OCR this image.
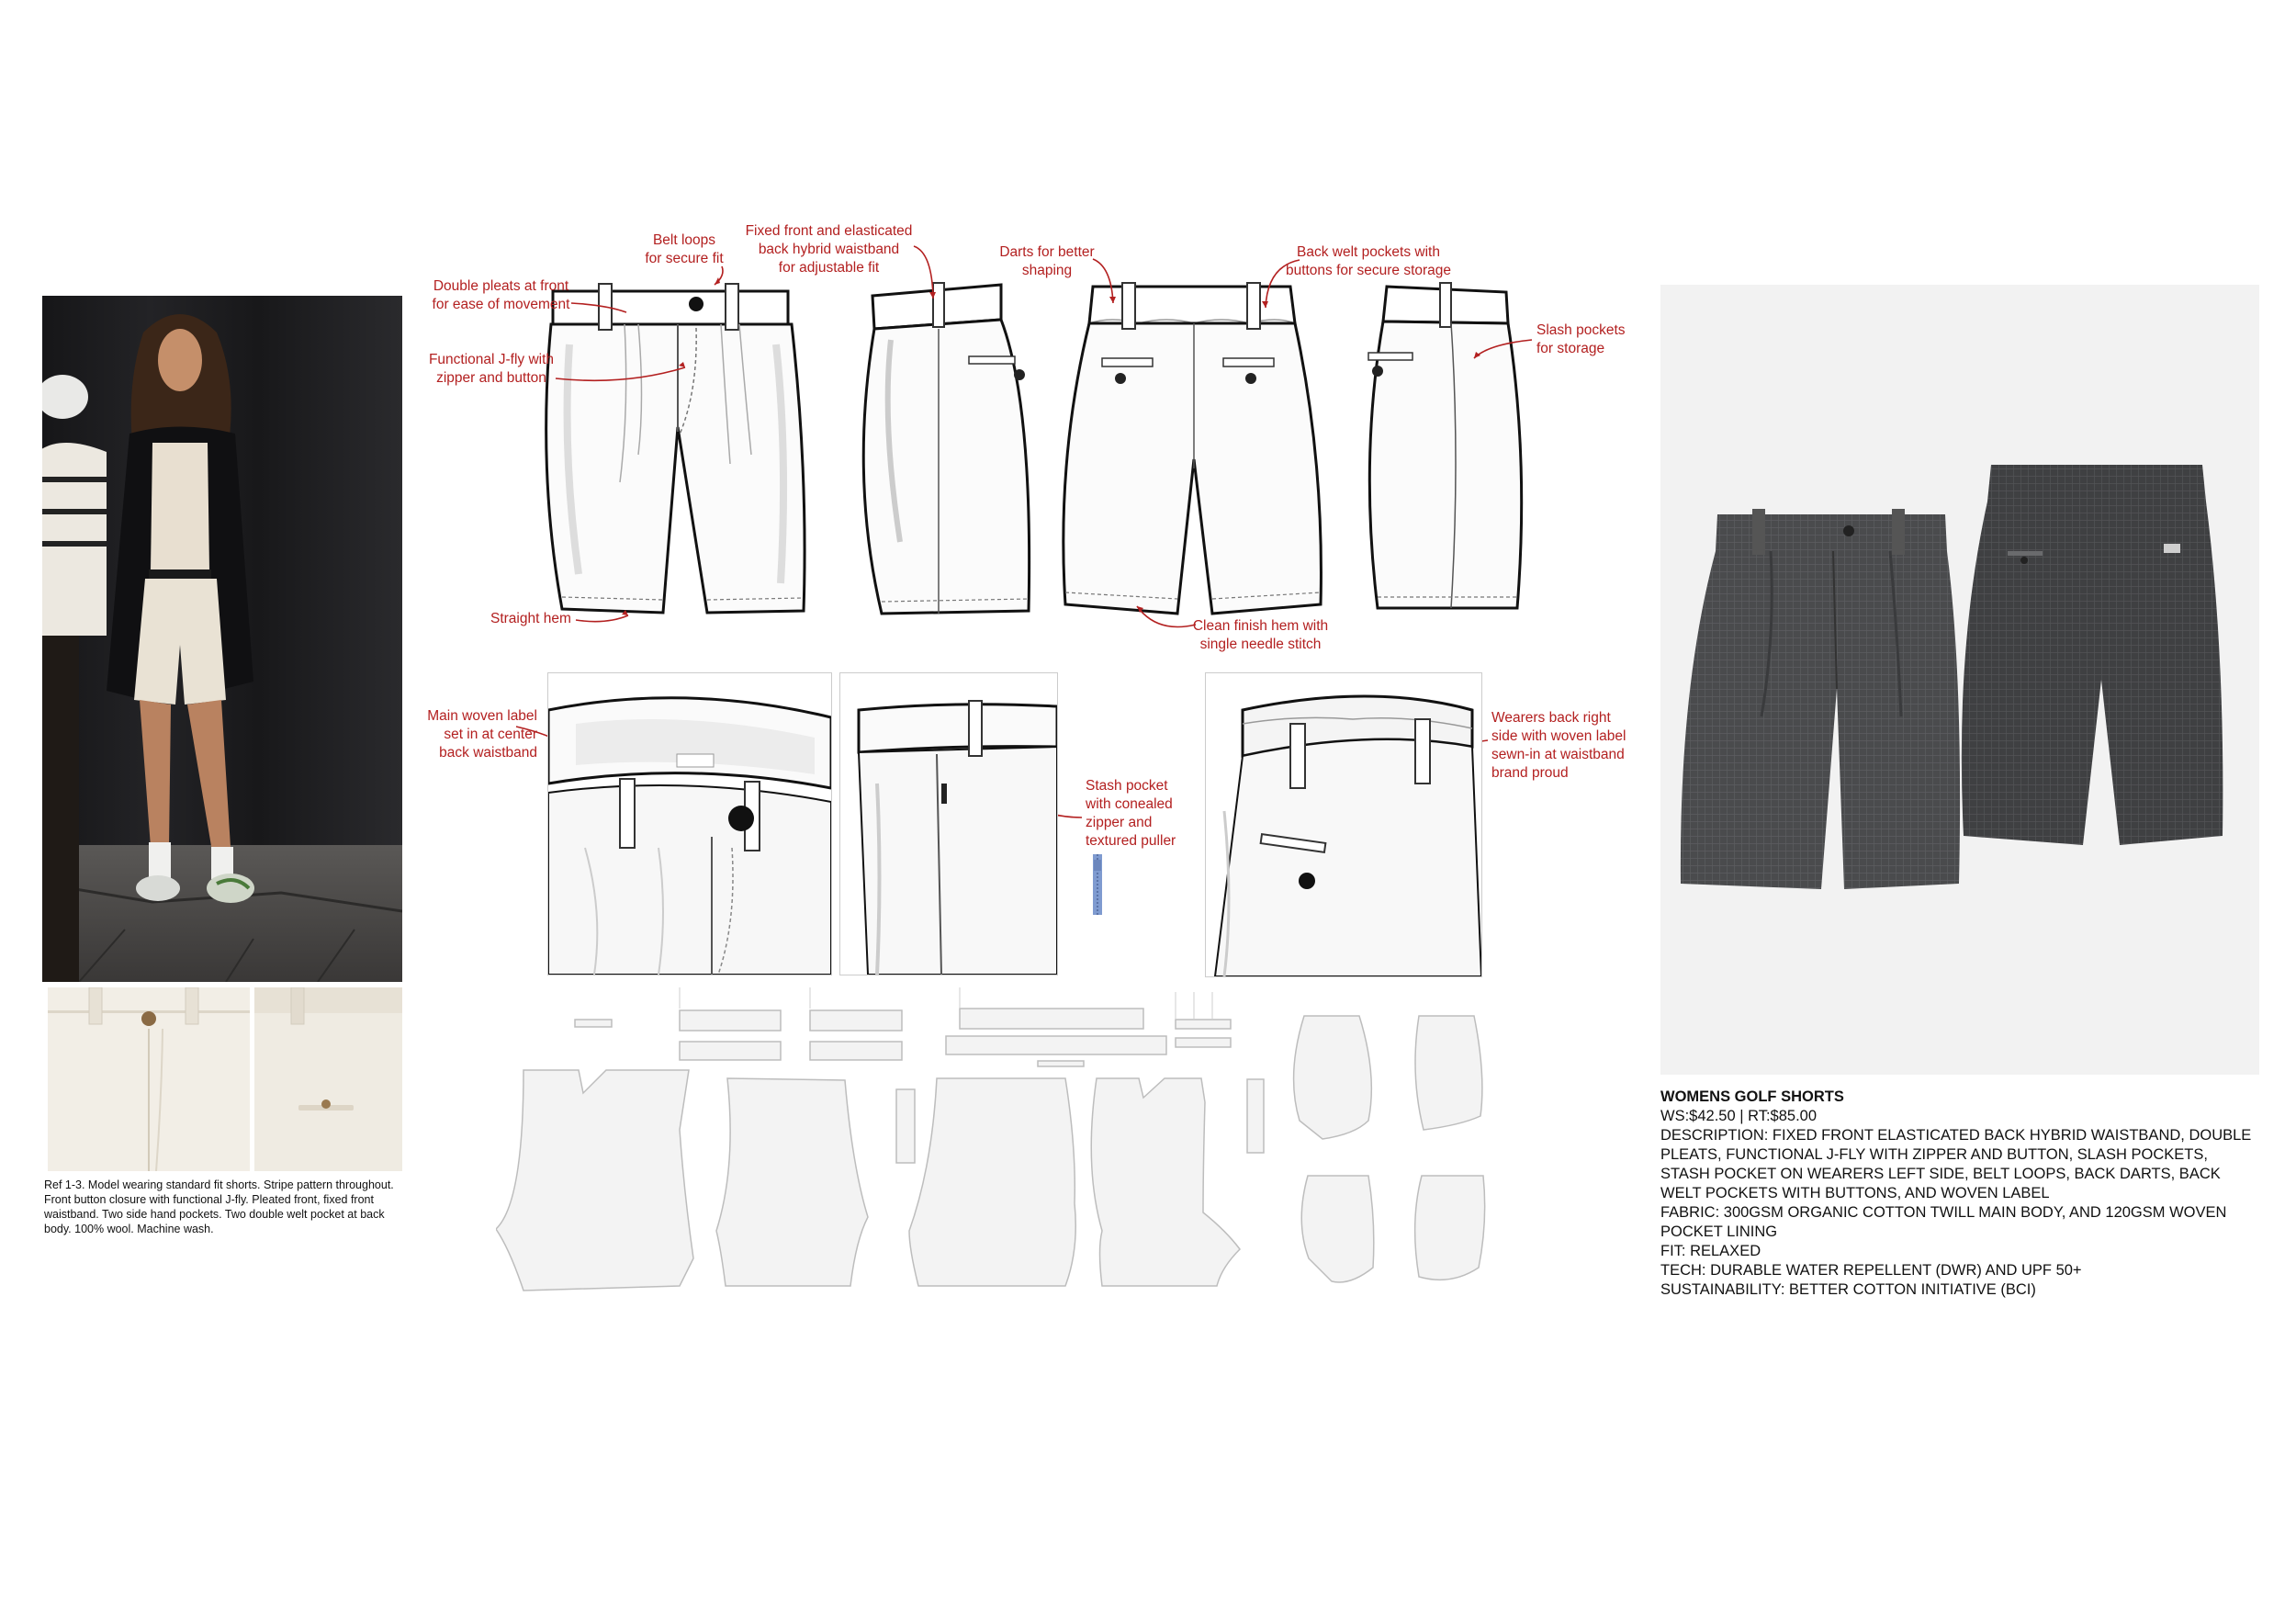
Ref 1-3. Model wearing standard fit shorts. Stripe pattern throughout. Front button closure with functional J-fly. Pleated front, fixed front waistband. Two side hand pockets. Two double welt pocket at back body. 100% wool. Machine wash.
Belt loops
for secure fit
Double pleats at front
for ease of movement
Functional J-fly with
zipper and button
Straight hem
Fixed front and elasticated
back hybrid waistband
for adjustable fit
Darts for better
shaping
Back welt pockets with
buttons for secure storage
Slash pockets
for storage
Clean finish hem with
single needle stitch
Main woven label
set in at center
back waistband
Stash pocket
with conealed
zipper and
textured puller
Wearers back right
side with woven label
sewn-in at waistband
brand proud
WOMENS GOLF SHORTS
WS:$42.50 | RT:$85.00
DESCRIPTION: FIXED FRONT ELASTICATED BACK HYBRID WAISTBAND, DOUBLE PLEATS, FUNCTIONAL J-FLY WITH ZIPPER AND BUTTON, SLASH POCKETS, STASH POCKET ON WEARERS LEFT SIDE, BELT LOOPS, BACK DARTS, BACK WELT POCKETS WITH BUTTONS, AND WOVEN LABEL
FABRIC: 300GSM ORGANIC COTTON TWILL MAIN BODY, AND 120GSM WOVEN POCKET LINING
FIT: RELAXED
TECH: DURABLE WATER REPELLENT (DWR) AND UPF 50+
SUSTAINABILITY: BETTER COTTON INITIATIVE (BCI)
